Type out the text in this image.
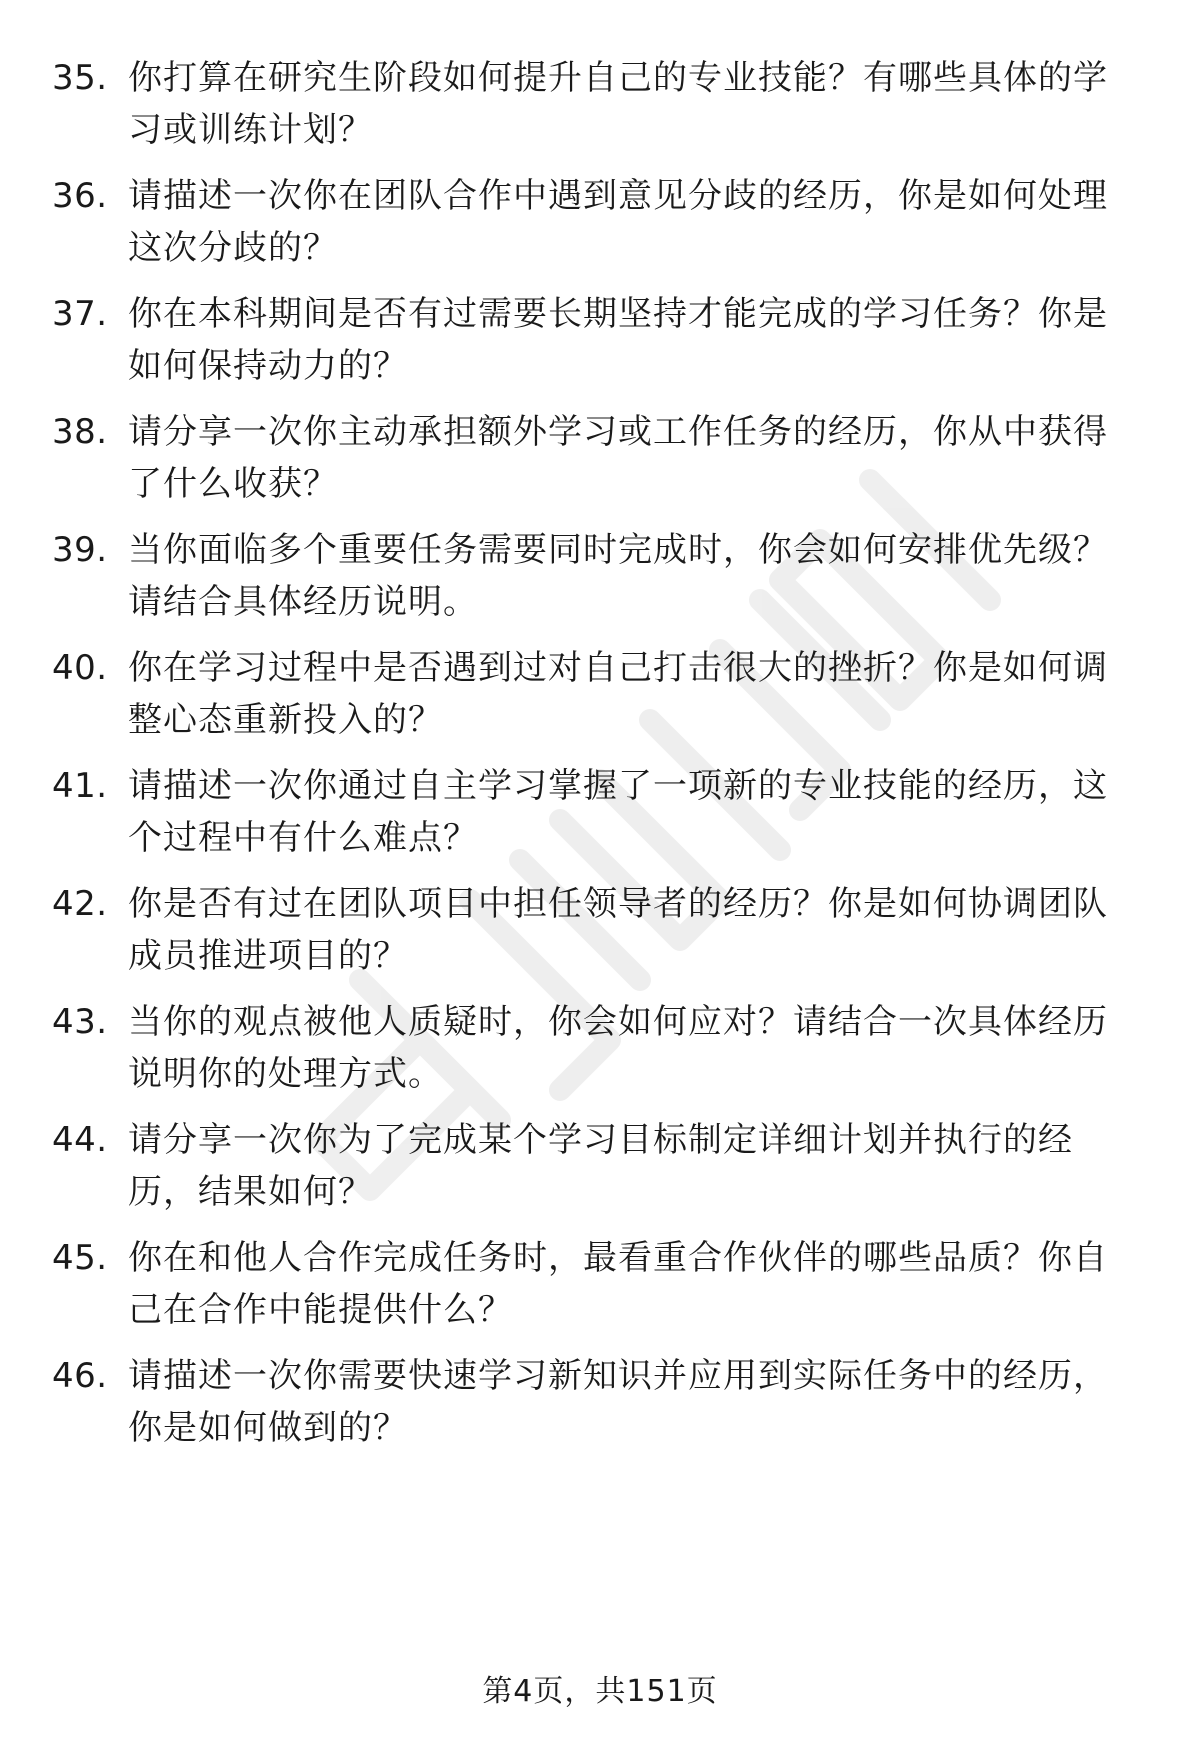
35. 你打算在研究生阶段如何提升自己的专业技能？有哪些具体的学习或训练计划？
36. 请描述一次你在团队合作中遇到意见分歧的经历，你是如何处理这次分歧的？
37. 你在本科期间是否有过需要长期坚持才能完成的学习任务？你是如何保持动力的？
38. 请分享一次你主动承担额外学习或工作任务的经历，你从中获得了什么收获？
39. 当你面临多个重要任务需要同时完成时，你会如何安排优先级？请结合具体经历说明。
40. 你在学习过程中是否遇到过对自己打击很大的挫折？你是如何调整心态重新投入的？
41. 请描述一次你通过自主学习掌握了一项新的专业技能的经历，这个过程中有什么难点？
42. 你是否有过在团队项目中担任领导者的经历？你是如何协调团队成员推进项目的？
43. 当你的观点被他人质疑时，你会如何应对？请结合一次具体经历说明你的处理方式。
44. 请分享一次你为了完成某个学习目标制定详细计划并执行的经历，结果如何？
45. 你在和他人合作完成任务时，最看重合作伙伴的哪些品质？你自己在合作中能提供什么？
46. 请描述一次你需要快速学习新知识并应用到实际任务中的经历，你是如何做到的？
第4页，共151页
